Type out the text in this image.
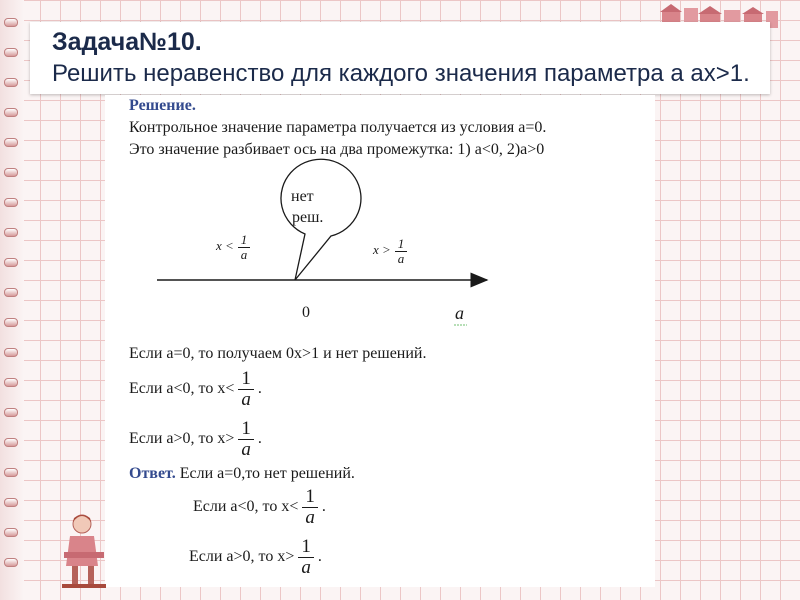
Задача№10.
Решить неравенство для каждого значения параметра a ax>1.
Решение.
Контрольное значение параметра получается из условия а=0.
Это значение разбивает ось на два промежутка: 1) a<0, 2)a>0
нет
реш.
0	a
$x < \frac{1}{a}$	$x > \frac{1}{a}$
Если а=0, то получаем 0х>1 и нет решений.
Если а<0, то $х< \frac{1}{a}$ .
Если а>0, то $х> \frac{1}{a}$ .
Ответ. Если а=0,то нет решений.
Если а<0, то $х< \frac{1}{a}$ .
Если а>0, то $х> \frac{1}{a}$ .
